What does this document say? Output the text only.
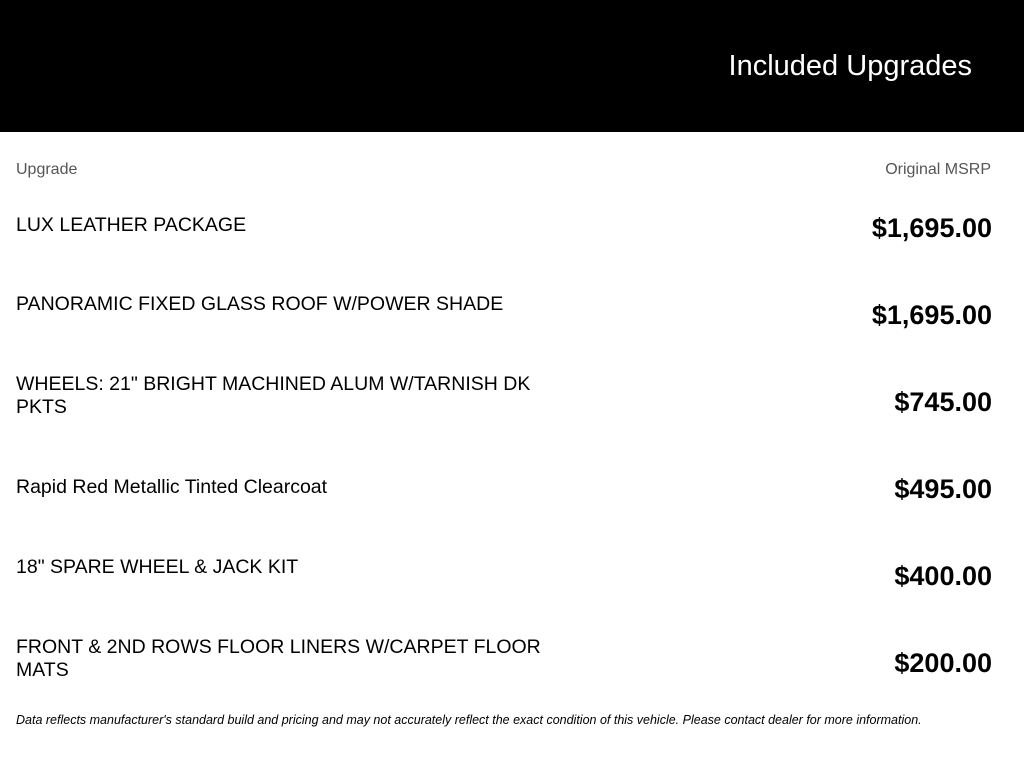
Included Upgrades
Upgrade	Original MSRP
LUX LEATHER PACKAGE	$1,695.00
PANORAMIC FIXED GLASS ROOF W/POWER SHADE	$1,695.00
WHEELS: 21" BRIGHT MACHINED ALUM W/TARNISH DK PKTS	$745.00
Rapid Red Metallic Tinted Clearcoat	$495.00
18" SPARE WHEEL & JACK KIT	$400.00
FRONT & 2ND ROWS FLOOR LINERS W/CARPET FLOOR MATS	$200.00
Data reflects manufacturer's standard build and pricing and may not accurately reflect the exact condition of this vehicle. Please contact dealer for more information.
